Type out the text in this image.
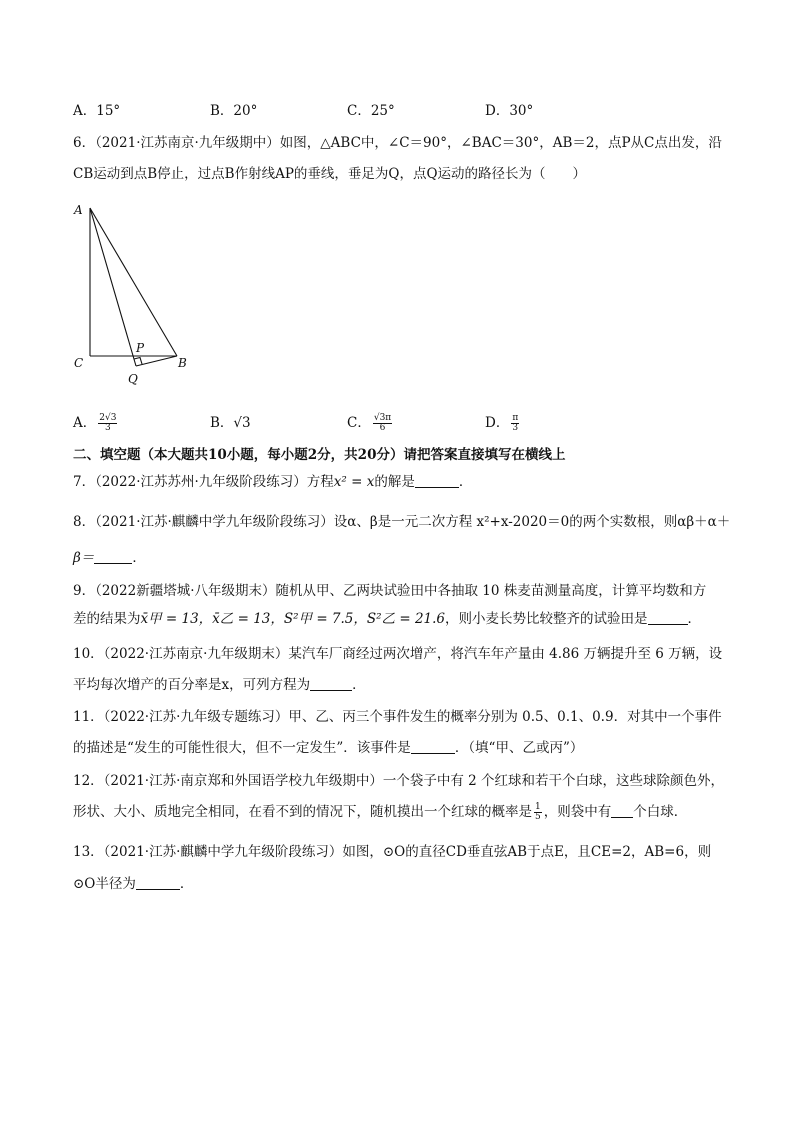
A．15°	B．20°	C．25°	D．30°
6．（2021·江苏南京·九年级期中）如图，△ABC中，∠C＝90°，∠BAC＝30°，AB＝2，点P从C点出发，沿
CB运动到点B停止，过点B作射线AP的垂线，垂足为Q，点Q运动的路径长为（　　）
A
C	B
P
Q
A． $\frac{2√3}{3}$	B．√3	C． $\frac{√3\pi}{6}$	D． $\frac{\pi}{3}$
二、填空题（本大题共10小题，每小题2分，共20分）请把答案直接填写在横线上
7．（2022·江苏苏州·九年级阶段练习）方程x² = x的解是	．
8．（2021·江苏·麒麟中学九年级阶段练习）设α、β是一元二次方程 x²+x-2020＝0的两个实数根，则αβ＋α＋
β＝	．
9．（2022新疆塔城·八年级期末）随机从甲、乙两块试验田中各抽取 10 株麦苗测量高度，计算平均数和方
差的结果为x̄甲 = 13，x̄乙 = 13，S²甲 = 7.5，S²乙 = 21.6，则小麦长势比较整齐的试验田是	．
10．（2022·江苏南京·九年级期末）某汽车厂商经过两次增产，将汽车年产量由 4.86 万辆提升至 6 万辆，设
平均每次增产的百分率是x，可列方程为	．
11．（2022·江苏·九年级专题练习）甲、乙、丙三个事件发生的概率分别为 0.5、0.1、0.9．对其中一个事件
的描述是“发生的可能性很大，但不一定发生”．该事件是	．（填“甲、乙或丙”）
12．（2021·江苏·南京郑和外国语学校九年级期中）一个袋子中有 2 个红球和若干个白球，这些球除颜色外，
形状、大小、质地完全相同，在看不到的情况下，随机摸出一个红球的概率是 $\frac{1}{5}$ ，则袋中有 个白球．
13．（2021·江苏·麒麟中学九年级阶段练习）如图，⊙O的直径CD垂直弦AB于点E，且CE=2，AB=6，则
⊙O半径为	．
